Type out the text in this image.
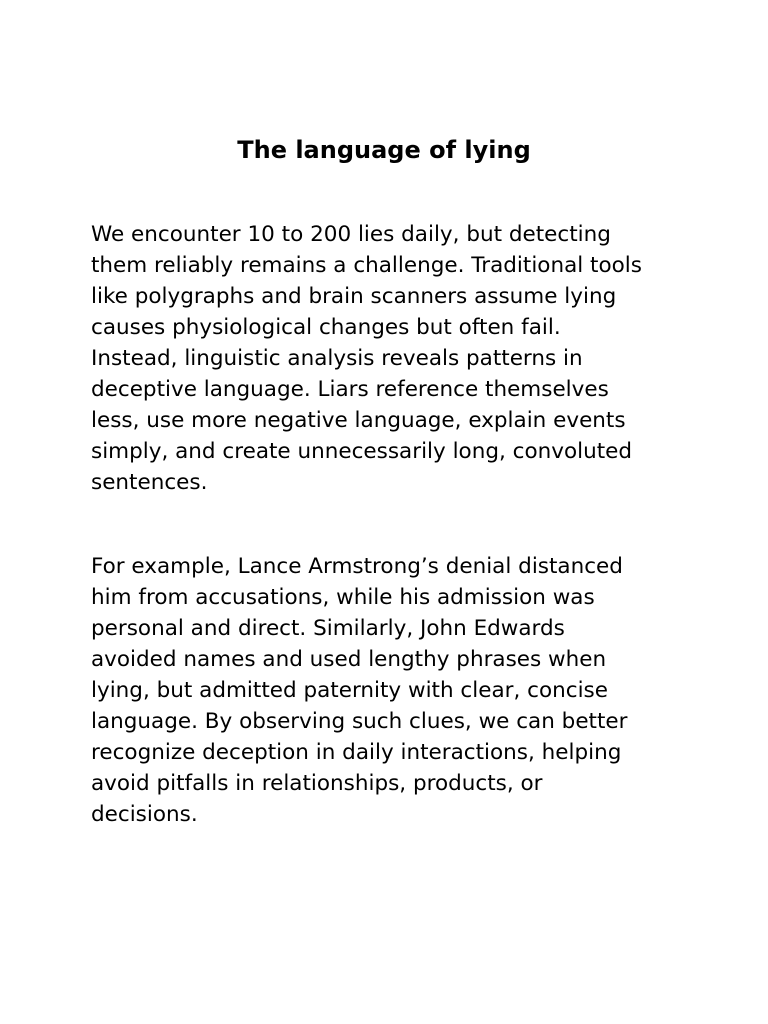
The language of lying

We encounter 10 to 200 lies daily, but detecting
them reliably remains a challenge. Traditional tools
like polygraphs and brain scanners assume lying
causes physiological changes but often fail.
Instead, linguistic analysis reveals patterns in
deceptive language. Liars reference themselves
less, use more negative language, explain events
simply, and create unnecessarily long, convoluted
sentences.

For example, Lance Armstrong’s denial distanced
him from accusations, while his admission was
personal and direct. Similarly, John Edwards
avoided names and used lengthy phrases when
lying, but admitted paternity with clear, concise
language. By observing such clues, we can better
recognize deception in daily interactions, helping
avoid pitfalls in relationships, products, or
decisions.
